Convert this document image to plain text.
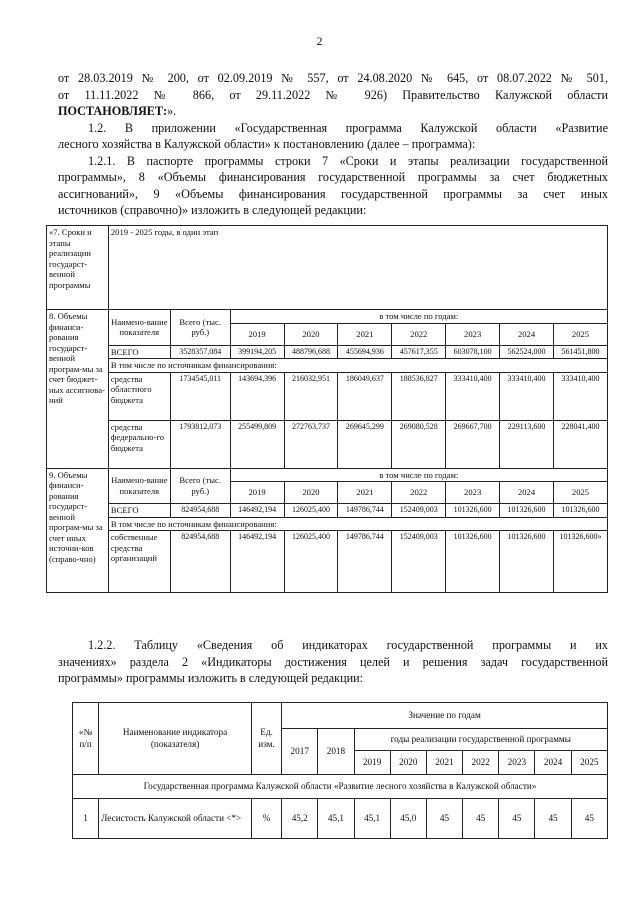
2
от 28.03.2019 № 200, от 02.09.2019 № 557, от 24.08.2020 № 645, от 08.07.2022 № 501,
от 11.11.2022 № 866, от 29.11.2022 № 926) Правительство Калужской области
ПОСТАНОВЛЯЕТ:».
1.2. В приложении «Государственная программа Калужской области «Развитие
лесного хозяйства в Калужской области» к постановлению (далее – программа):
1.2.1. В паспорте программы строки 7 «Сроки и этапы реализации государственной
программы», 8 «Объемы финансирования государственной программы за счет бюджетных
ассигнований», 9 «Объемы финансирования государственной программы за счет иных
источников (справочно)» изложить в следующей редакции:
«7. Сроки и этапы реализации государст-венной программы	2019 - 2025 годы, в один этап								
8. Объемы финанси-рования государст-венной програм-мы за счет бюджет-ных ассигнова-ний	Наимено-вание показателя	Всего (тыс. руб.)	в том числе по годам:						
			2019	2020	2021	2022	2023	2024	2025
	ВСЕГО	3528357,084	399194,205	488796,688	455694,936	457617,355	603078,100	562524,000	561451,800
	В том числе по источникам финансирования:								
	средства областного бюджета	1734545,011	143694,396	216032,951	186049,637	188536,827	333410,400	333410,400	333410,400
	средства федерально-го бюджета	1793812,073	255499,809	272763,737	269645,299	269080,528	269667,700	229113,600	228041,400
9. Объемы финанси-рования государст-венной програм-мы за счет иных источни-ков (справо-чно)	Наимено-вание показателя	Всего (тыс. руб.)	в том числе по годам:						
			2019	2020	2021	2022	2023	2024	2025
	ВСЕГО	824954,688	146492,194	126025,400	149786,744	152409,003	101326,600	101326,600	101326,600
	В том числе по источникам финансирования:								
	собственные средства организаций	824954,688	146492,194	126025,400	149786,744	152409,003	101326,600	101326,600	101326,600»
1.2.2. Таблицу «Сведения об индикаторах государственной программы и их
значениях» раздела 2 «Индикаторы достижения целей и решения задач государственной
программы» программы изложить в следующей редакции:
«№ п/п	Наименование индикатора (показателя)	Ед. изм.	Значение по годам								
			2017	2018	годы реализации государственной программы						
					2019	2020	2021	2022	2023	2024	2025
Государственная программа Калужской области «Развитие лесного хозяйства в Калужской области»											
1	Лесистость Калужской области <*>	%	45,2	45,1	45,1	45,0	45	45	45	45	45
